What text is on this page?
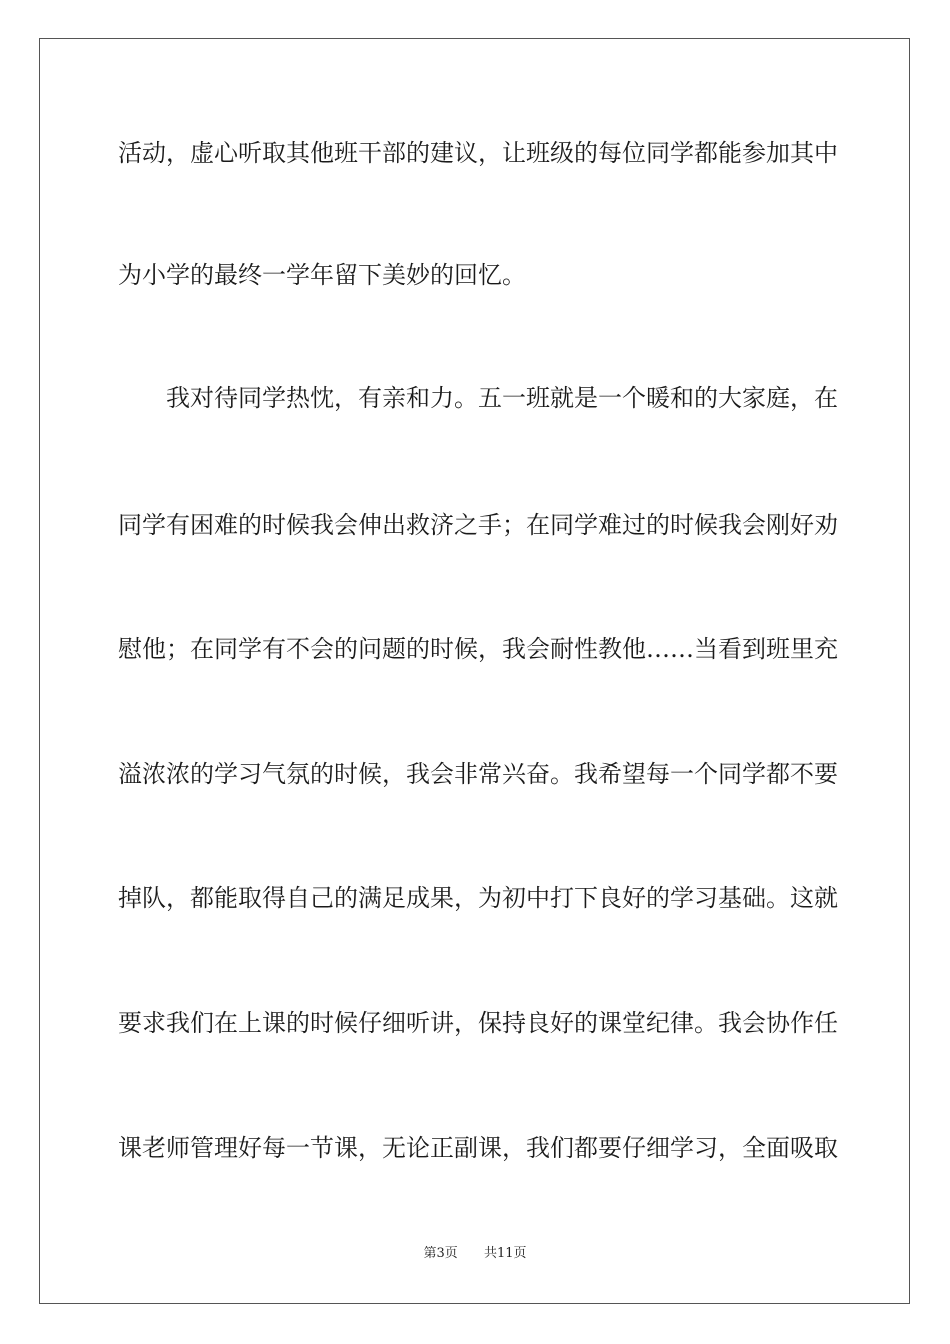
活动，虚心听取其他班干部的建议，让班级的每位同学都能参加其中
为小学的最终一学年留下美妙的回忆。
我对待同学热忱，有亲和力。五一班就是一个暖和的大家庭，在
同学有困难的时候我会伸出救济之手；在同学难过的时候我会刚好劝
慰他；在同学有不会的问题的时候，我会耐性教他……当看到班里充
溢浓浓的学习气氛的时候，我会非常兴奋。我希望每一个同学都不要
掉队，都能取得自己的满足成果，为初中打下良好的学习基础。这就
要求我们在上课的时候仔细听讲，保持良好的课堂纪律。我会协作任
课老师管理好每一节课，无论正副课，我们都要仔细学习，全面吸取
第3页 共11页
